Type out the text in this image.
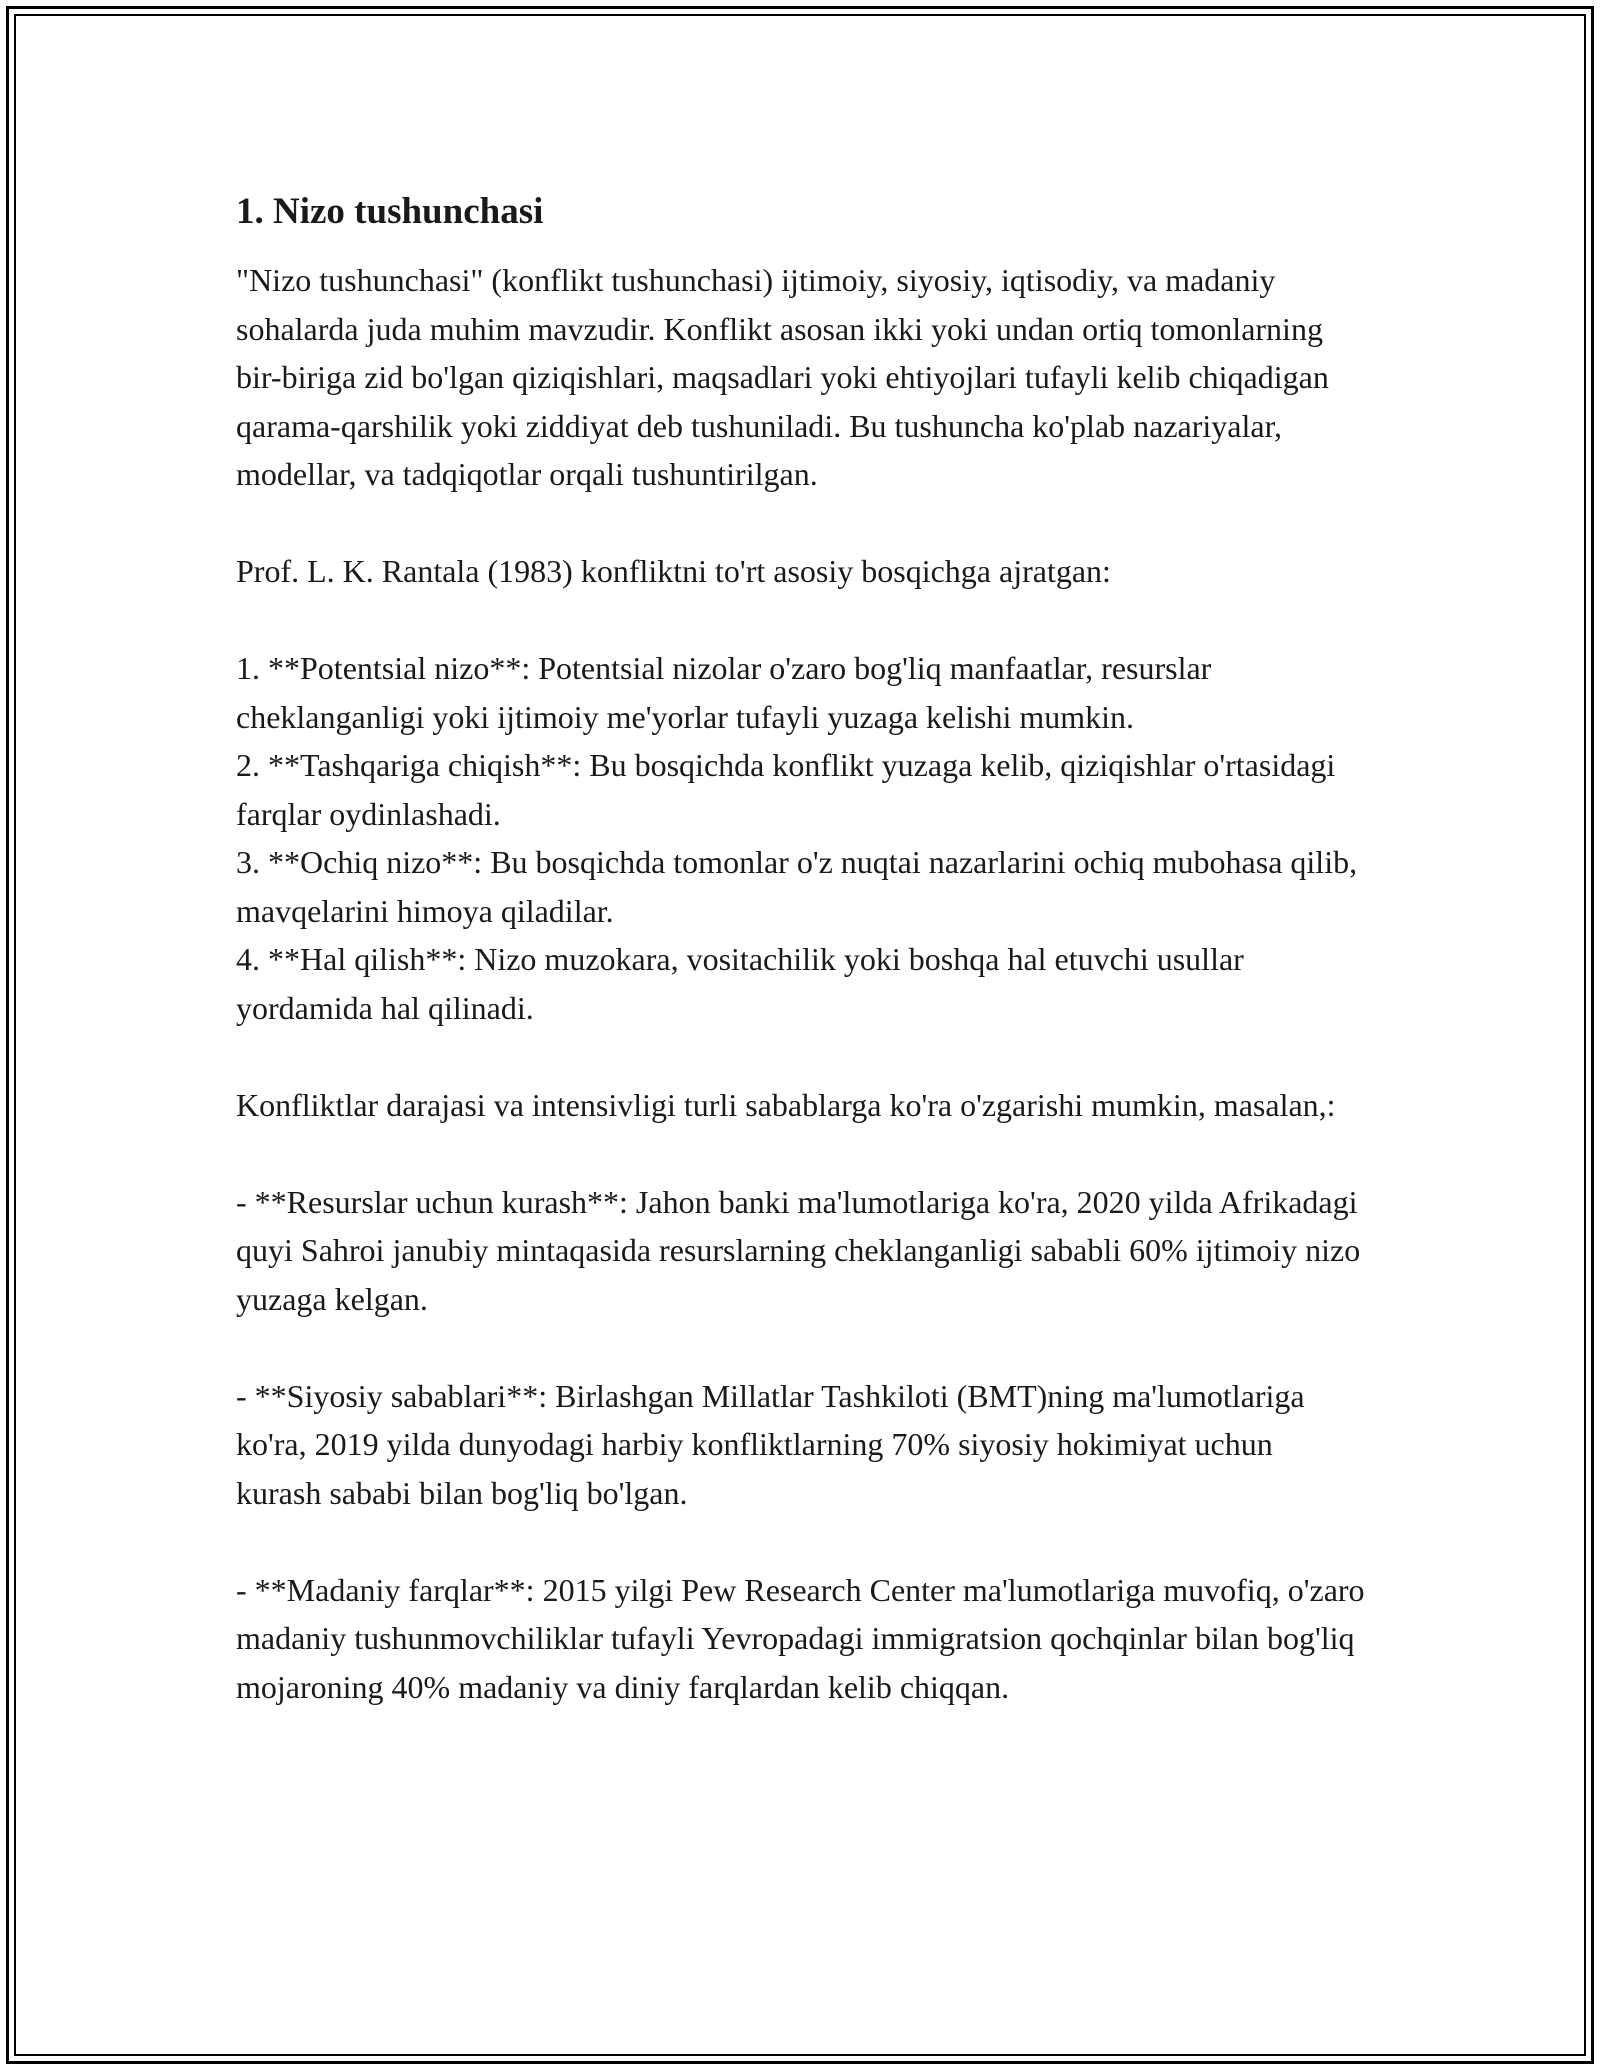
1. Nizo tushunchasi

"Nizo tushunchasi" (konflikt tushunchasi) ijtimoiy, siyosiy, iqtisodiy, va madaniy sohalarda juda muhim mavzudir. Konflikt asosan ikki yoki undan ortiq tomonlarning bir-biriga zid bo'lgan qiziqishlari, maqsadlari yoki ehtiyojlari tufayli kelib chiqadigan qarama-qarshilik yoki ziddiyat deb tushuniladi. Bu tushuncha ko'plab nazariyalar, modellar, va tadqiqotlar orqali tushuntirilgan.

Prof. L. K. Rantala (1983) konfliktni to'rt asosiy bosqichga ajratgan:

1. **Potentsial nizo**: Potentsial nizolar o'zaro bog'liq manfaatlar, resurslar cheklanganligi yoki ijtimoiy me'yorlar tufayli yuzaga kelishi mumkin.

2. **Tashqariga chiqish**: Bu bosqichda konflikt yuzaga kelib, qiziqishlar o'rtasidagi farqlar oydinlashadi.

3. **Ochiq nizo**: Bu bosqichda tomonlar o'z nuqtai nazarlarini ochiq mubohasa qilib, mavqelarini himoya qiladilar.

4. **Hal qilish**: Nizo muzokara, vositachilik yoki boshqa hal etuvchi usullar yordamida hal qilinadi.

Konfliktlar darajasi va intensivligi turli sabablarga ko'ra o'zgarishi mumkin, masalan,:

- **Resurslar uchun kurash**: Jahon banki ma'lumotlariga ko'ra, 2020 yilda Afrikadagi quyi Sahroi janubiy mintaqasida resurslarning cheklanganligi sababli 60% ijtimoiy nizo yuzaga kelgan.

- **Siyosiy sabablari**: Birlashgan Millatlar Tashkiloti (BMT)ning ma'lumotlariga ko'ra, 2019 yilda dunyodagi harbiy konfliktlarning 70% siyosiy hokimiyat uchun kurash sababi bilan bog'liq bo'lgan.

- **Madaniy farqlar**: 2015 yilgi Pew Research Center ma'lumotlariga muvofiq, o'zaro madaniy tushunmovchiliklar tufayli Yevropadagi immigratsion qochqinlar bilan bog'liq mojaroning 40% madaniy va diniy farqlardan kelib chiqqan.
